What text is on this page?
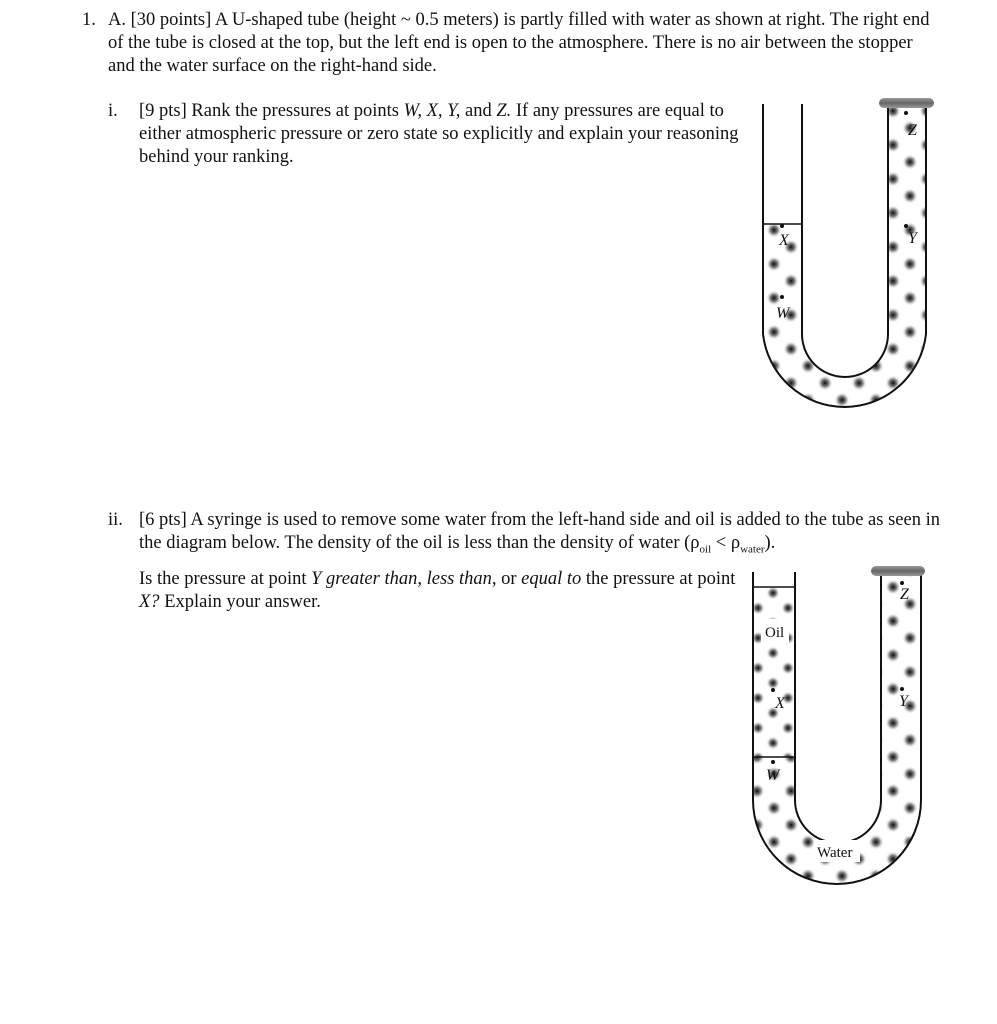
1. A. [30 points] A U-shaped tube (height ~ 0.5 meters) is partly filled with water as shown at right. The right end of the tube is closed at the top, but the left end is open to the atmosphere. There is no air between the stopper and the water surface on the right-hand side.

i. [9 pts] Rank the pressures at points W, X, Y, and Z. If any pressures are equal to either atmospheric pressure or zero state so explicitly and explain your reasoning behind your ranking.

ii. [6 pts] A syringe is used to remove some water from the left-hand side and oil is added to the tube as seen in the diagram below. The density of the oil is less than the density of water $(\rho_{oil} < \rho_{water})$.

Is the pressure at point Y greater than, less than, or equal to the pressure at point X? Explain your answer.

X
W
Y
Z
Oil
X
W
Y
Z
Water
